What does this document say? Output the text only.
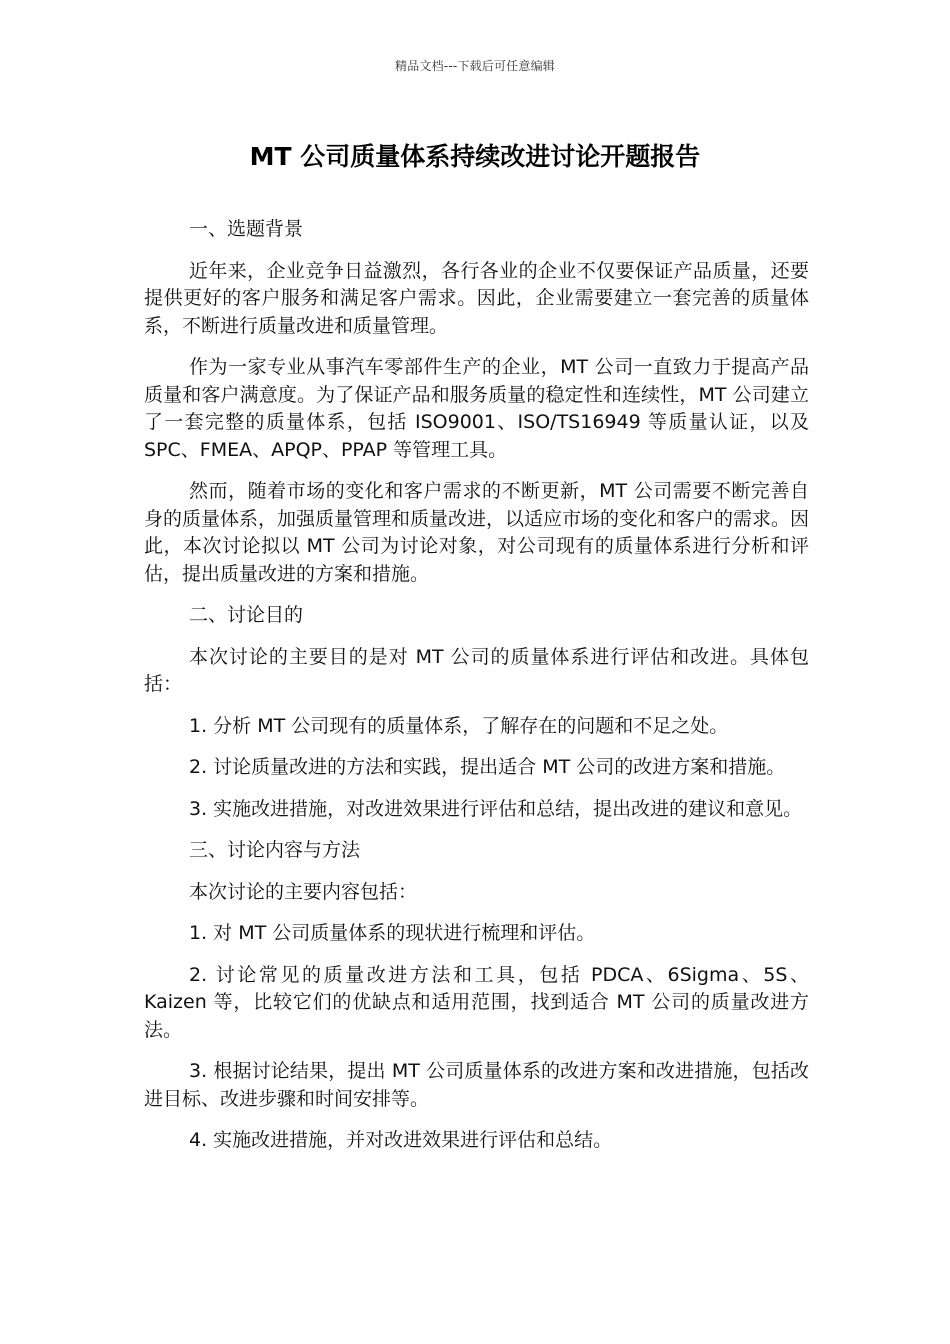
精品文档---下载后可任意编辑
MT 公司质量体系持续改进讨论开题报告

一、选题背景

近年来，企业竞争日益激烈，各行各业的企业不仅要保证产品质量，还要提供更好的客户服务和满足客户需求。因此，企业需要建立一套完善的质量体系，不断进行质量改进和质量管理。

作为一家专业从事汽车零部件生产的企业，MT 公司一直致力于提高产品质量和客户满意度。为了保证产品和服务质量的稳定性和连续性，MT 公司建立了一套完整的质量体系，包括 ISO9001、ISO/TS16949 等质量认证，以及 SPC、FMEA、APQP、PPAP 等管理工具。

然而，随着市场的变化和客户需求的不断更新，MT 公司需要不断完善自身的质量体系，加强质量管理和质量改进，以适应市场的变化和客户的需求。因此，本次讨论拟以 MT 公司为讨论对象，对公司现有的质量体系进行分析和评估，提出质量改进的方案和措施。

二、讨论目的

本次讨论的主要目的是对 MT 公司的质量体系进行评估和改进。具体包括：

1. 分析 MT 公司现有的质量体系，了解存在的问题和不足之处。

2. 讨论质量改进的方法和实践，提出适合 MT 公司的改进方案和措施。

3. 实施改进措施，对改进效果进行评估和总结，提出改进的建议和意见。

三、讨论内容与方法

本次讨论的主要内容包括：

1. 对 MT 公司质量体系的现状进行梳理和评估。

2. 讨论常见的质量改进方法和工具，包括 PDCA、6Sigma、5S、Kaizen 等，比较它们的优缺点和适用范围，找到适合 MT 公司的质量改进方法。

3. 根据讨论结果，提出 MT 公司质量体系的改进方案和改进措施，包括改进目标、改进步骤和时间安排等。

4. 实施改进措施，并对改进效果进行评估和总结。
